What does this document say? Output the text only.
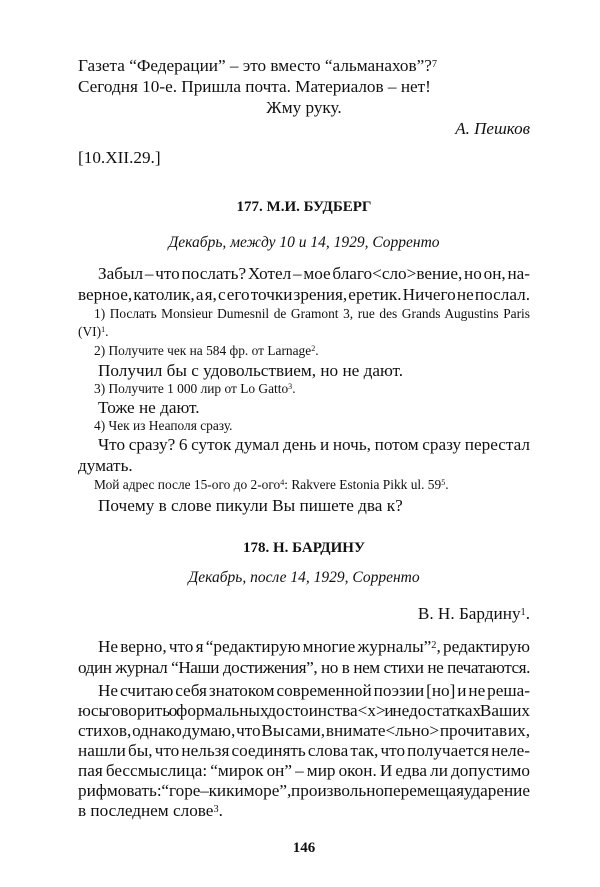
Газета “Федерации” – это вместо “альманахов”?$^7$
Сегодня 10-е. Пришла почта. Материалов – нет!
Жму руку.
А. Пешков
[10.XII.29.]
177. М.И. БУДБЕРГ
Декабрь, между 10 и 14, 1929, Сорренто
Забыл – что послать? Хотел – мое благо<сло>вение, но он, на-
верное, католик, а я, с его точки зрения, еретик. Ничего не послал.
1) Послать Monsieur Dumesnil de Gramont 3, rue des Grands Augustins Paris
(VI)$^1$.
2) Получите чек на 584 фр. от Larnage$^2$.
Получил бы с удовольствием, но не дают.
3) Получите 1 000 лир от Lo Gatto$^3$.
Тоже не дают.
4) Чек из Неаполя сразу.
Что сразу? 6 суток думал день и ночь, потом сразу перестал
думать.
Мой адрес после 15-ого до 2-ого$^4$: Rakvere Estonia Pikk ul. $59^5$.
Почему в слове пикули Вы пишете два к?
178. Н. БАРДИНУ
Декабрь, после 14, 1929, Сорренто
В. Н. Бардину$^1$.
Не верно, что я “редактирую многие журналы”$^2$, редактирую
один журнал “Наши достижения”, но в нем стихи не печатаются.
Не считаю себя знатоком современной поэзии [но] и не реша-
юсь говорить о формальных достоинства<х> и недостатках Ваших
стихов, однако думаю, что Вы сами, внимате<льно> прочитав их,
нашли бы, что нельзя соединять слова так, что получается неле-
пая бессмыслица: “мирок он” – мир окон. И едва ли допустимо
рифмовать: “горе – кикиморе”, произвольно перемещая ударение
в последнем слове$^3$.
146
